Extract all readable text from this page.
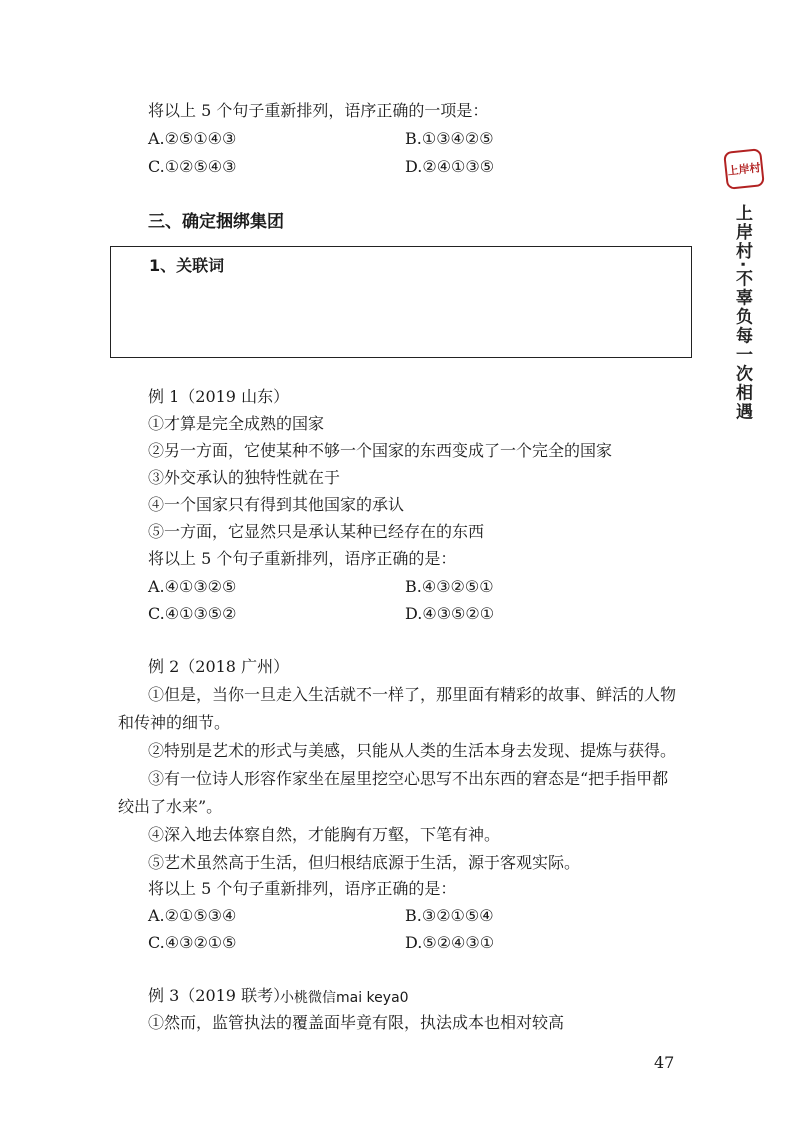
将以上 5 个句子重新排列，语序正确的一项是：
A.②⑤①④③	B.①③④②⑤
C.①②⑤④③	D.②④①③⑤
三、确定捆绑集团
1、关联词
例 1（2019 山东）
①才算是完全成熟的国家
②另一方面，它使某种不够一个国家的东西变成了一个完全的国家
③外交承认的独特性就在于
④一个国家只有得到其他国家的承认
⑤一方面，它显然只是承认某种已经存在的东西
将以上 5 个句子重新排列，语序正确的是：
A.④①③②⑤	B.④③②⑤①
C.④①③⑤②	D.④③⑤②①
例 2（2018 广州）
①但是，当你一旦走入生活就不一样了，那里面有精彩的故事、鲜活的人物
和传神的细节。
②特别是艺术的形式与美感，只能从人类的生活本身去发现、提炼与获得。
③有一位诗人形容作家坐在屋里挖空心思写不出东西的窘态是“把手指甲都
绞出了水来”。
④深入地去体察自然，才能胸有万壑，下笔有神。
⑤艺术虽然高于生活，但归根结底源于生活，源于客观实际。
将以上 5 个句子重新排列，语序正确的是：
A.②①⑤③④	B.③②①⑤④
C.④③②①⑤	D.⑤②④③①
例 3（2019 联考）
小桃微信mai keya0
①然而，监管执法的覆盖面毕竟有限，执法成本也相对较高
47
上岸村
上岸村·不辜负每一次相遇
